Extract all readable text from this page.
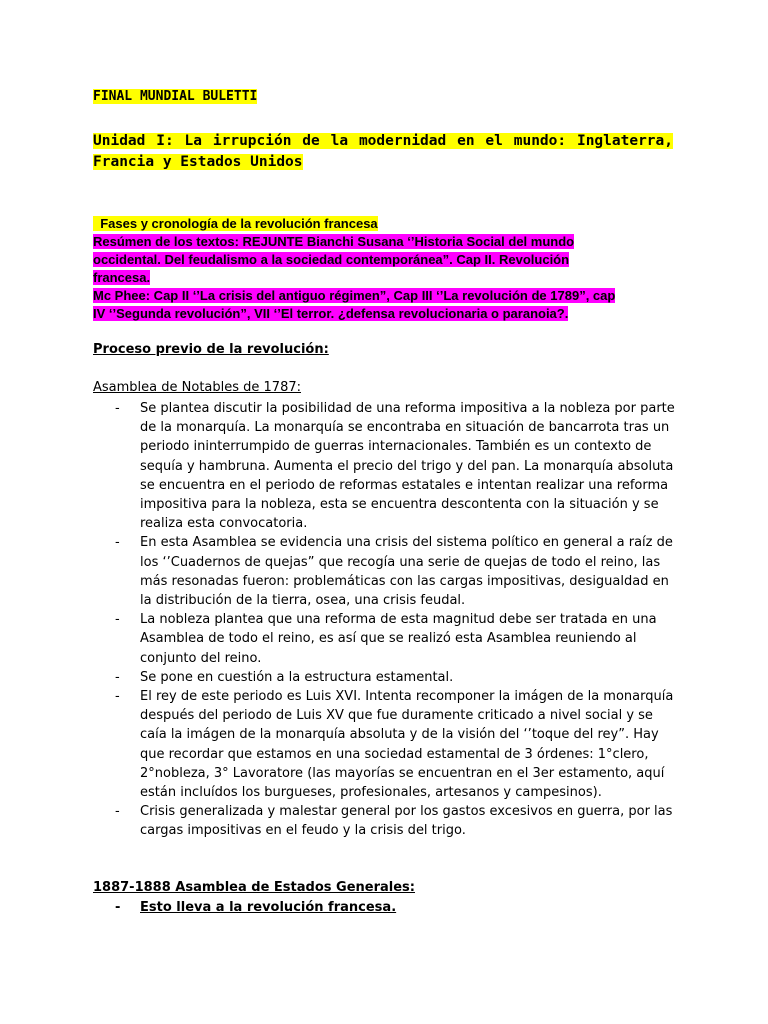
FINAL MUNDIAL BULETTI

Unidad I: La irrupción de la modernidad en el mundo: Inglaterra,
Francia y Estados Unidos
Fases y cronología de la revolución francesa
Resúmen de los textos: REJUNTE Bianchi Susana ‘’Historia Social del mundo
occidental. Del feudalismo a la sociedad contemporánea”. Cap II. Revolución
francesa.
Mc Phee: Cap II ‘’La crisis del antiguo régimen”, Cap III ‘’La revolución de 1789”, cap
IV ‘’Segunda revolución”, VII ‘’El terror. ¿defensa revolucionaria o paranoia?.

Proceso previo de la revolución:

Asamblea de Notables de 1787:

- Se plantea discutir la posibilidad de una reforma impositiva a la nobleza por parte de la monarquía. La monarquía se encontraba en situación de bancarrota tras un periodo ininterrumpido de guerras internacionales. También es un contexto de sequía y hambruna. Aumenta el precio del trigo y del pan. La monarquía absoluta se encuentra en el periodo de reformas estatales e intentan realizar una reforma impositiva para la nobleza, esta se encuentra descontenta con la situación y se realiza esta convocatoria.
- En esta Asamblea se evidencia una crisis del sistema político en general a raíz de los ‘’Cuadernos de quejas” que recogía una serie de quejas de todo el reino, las más resonadas fueron: problemáticas con las cargas impositivas, desigualdad en la distribución de la tierra, osea, una crisis feudal.
- La nobleza plantea que una reforma de esta magnitud debe ser tratada en una Asamblea de todo el reino, es así que se realizó esta Asamblea reuniendo al conjunto del reino.
- Se pone en cuestión a la estructura estamental.
- El rey de este periodo es Luis XVI. Intenta recomponer la imágen de la monarquía después del periodo de Luis XV que fue duramente criticado a nivel social y se caía la imágen de la monarquía absoluta y de la visión del ‘’toque del rey”. Hay que recordar que estamos en una sociedad estamental de 3 órdenes: 1°clero, 2°nobleza, 3° Lavoratore (las mayorías se encuentran en el 3er estamento, aquí están incluídos los burgueses, profesionales, artesanos y campesinos).
- Crisis generalizada y malestar general por los gastos excesivos en guerra, por las cargas impositivas en el feudo y la crisis del trigo.

1887-1888 Asamblea de Estados Generales:

- Esto lleva a la revolución francesa.
